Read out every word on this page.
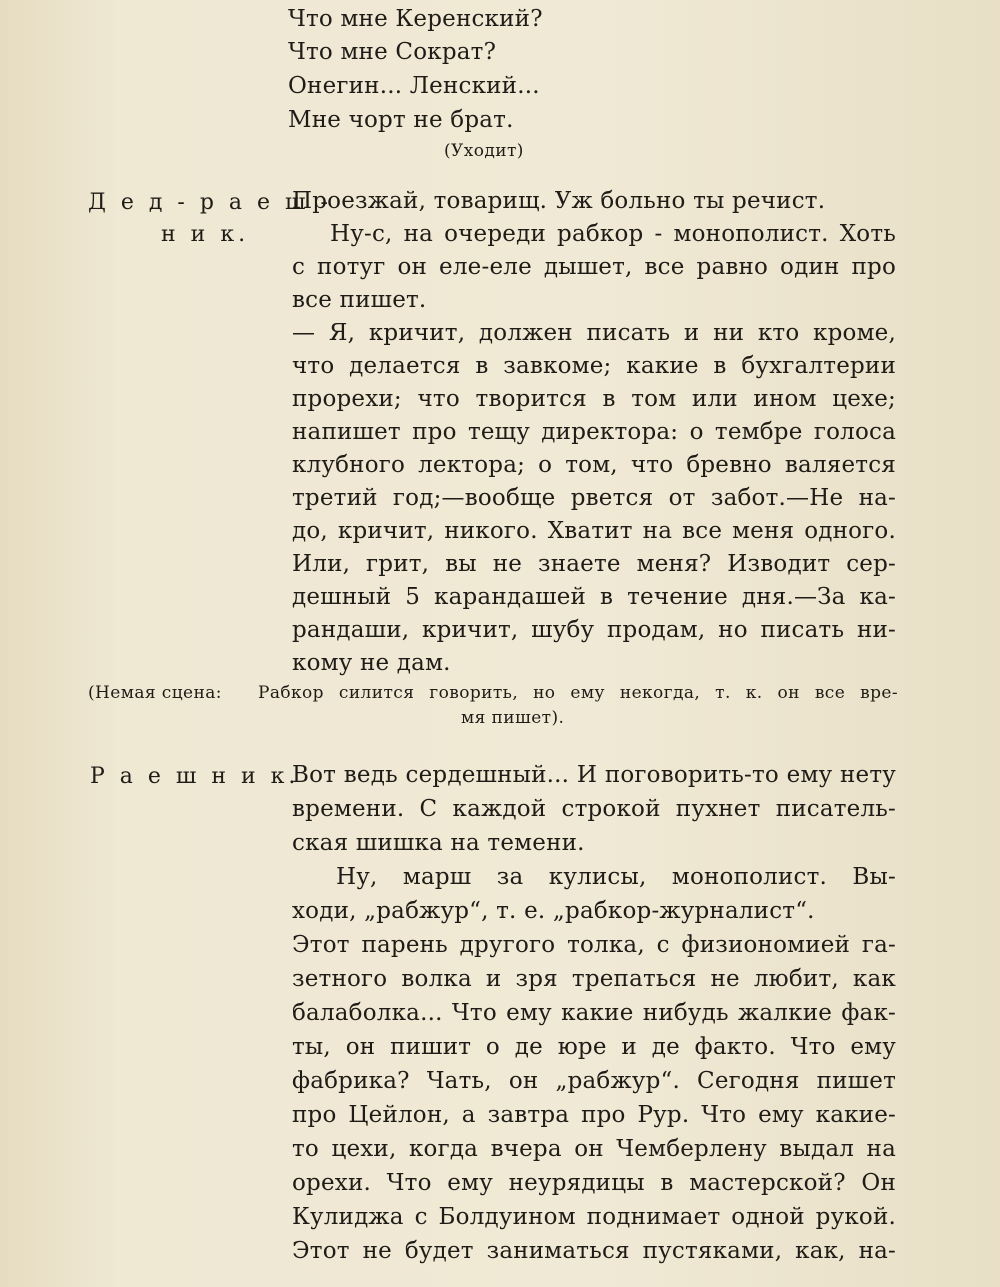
Что мне Керенский?
Что мне Сократ?
Онегин... Ленский...
Мне чорт не брат.
(Уходит)
Д е д - р а е ш -
н и к.
Проезжай, товарищ. Уж больно ты речист.
Ну-с, на очереди рабкор - монополист. Хоть
с потуг он еле-еле дышет, все равно один про
все пишет.
— Я, кричит, должен писать и ни кто кроме,
что делается в завкоме; какие в бухгалтерии
прорехи; что творится в том или ином цехе;
напишет про тещу директора: о тембре голоса
клубного лектора; о том, что бревно валяется
третий год;—вообще рвется от забот.—Не на-
до, кричит, никого. Хватит на все меня одного.
Или, грит, вы не знаете меня? Изводит сер-
дешный 5 карандашей в течение дня.—За ка-
рандаши, кричит, шубу продам, но писать ни-
кому не дам.
(Немая сцена: Рабкор силится говорить, но ему некогда, т. к. он все вре-
мя пишет).
Р а е ш н и к.
Вот ведь сердешный... И поговорить-то ему нету
времени. С каждой строкой пухнет писатель-
ская шишка на темени.
Ну, марш за кулисы, монополист. Вы-
ходи, „рабжур“, т. е. „рабкор-журналист“.
Этот парень другого толка, с физиономией га-
зетного волка и зря трепаться не любит, как
балаболка... Что ему какие нибудь жалкие фак-
ты, он пишит о де юре и де факто. Что ему
фабрика? Чать, он „рабжур“. Сегодня пишет
про Цейлон, а завтра про Рур. Что ему какие-
то цехи, когда вчера он Чемберлену выдал на
орехи. Что ему неурядицы в мастерской? Он
Кулиджа с Болдуином поднимает одной рукой.
Этот не будет заниматься пустяками, как, на-
